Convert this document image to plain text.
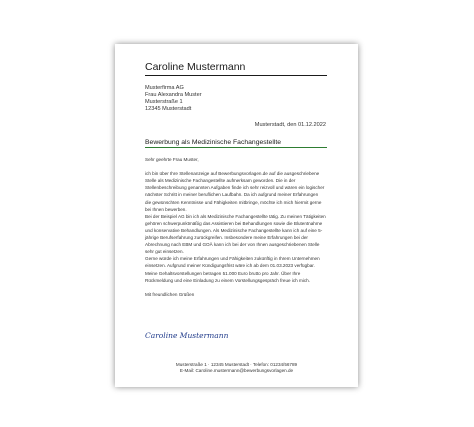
Caroline Mustermann
Musterfirma AG
Frau Alexandra Muster
Musterstraße 1
12345 Musterstadt
Musterstadt, den 01.12.2022
Bewerbung als Medizinische Fachangestellte
Sehr geehrte Frau Muster,
ich bin über Ihre Stellenanzeige auf Bewerbungsvorlagen.de auf die ausgeschriebene
Stelle als Medizinische Fachangestellte aufmerksam geworden. Die in der
Stellenbeschreibung genannten Aufgaben finde ich sehr reizvoll und wären ein logischer
nächster Schritt in meiner beruflichen Laufbahn. Da ich aufgrund meiner Erfahrungen
die gewünschten Kenntnisse und Fähigkeiten mitbringe, möchte ich mich hiermit gerne
bei Ihnen bewerben.
Bei der Beispiel AG bin ich als Medizinische Fachangestellte tätig. Zu meinen Tätigkeiten
gehören schwerpunktmäßig das Assistieren bei Behandlungen sowie die Blutentnahme
und konservative Behandlungen. Als Medizinische Fachangestellte kann ich auf eine 5-
jährige Berufserfahrung zurückgreifen. Insbesondere meine Erfahrungen bei der
Abrechnung nach EBM und GOÄ kann ich bei der von Ihnen ausgeschriebenen Stelle
sehr gut einsetzen.
Gerne würde ich meine Erfahrungen und Fähigkeiten zukünftig in Ihrem Unternehmen
einsetzen. Aufgrund meiner Kündigungsfrist wäre ich ab dem 01.03.2023 verfügbar.
Meine Gehaltsvorstellungen betragen 51.000 Euro brutto pro Jahr. Über Ihre
Rückmeldung und eine Einladung zu einem Vorstellungsgespräch freue ich mich.
Mit freundlichen Grüßen
Caroline Mustermann
Musterstraße 1 · 12345 Musterstadt · Telefon: 01234/56789
E-Mail: Caroline.mustermann@bewerbungsvorlagen.de
